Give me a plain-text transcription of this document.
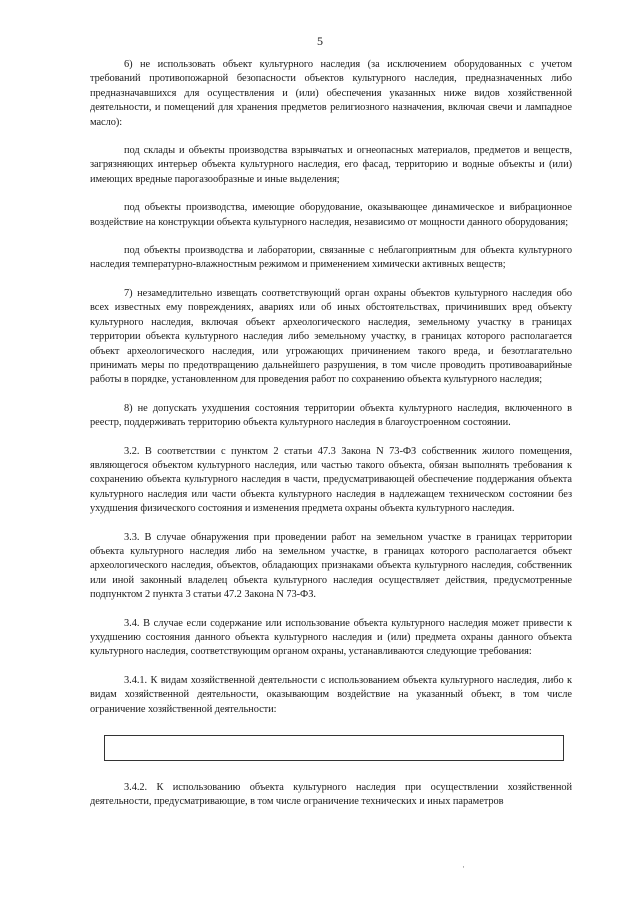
5

6) не использовать объект культурного наследия (за исключением оборудованных с учетом требований противопожарной безопасности объектов культурного наследия, предназначенных либо предназначавшихся для осуществления и (или) обеспечения указанных ниже видов хозяйственной деятельности, и помещений для хранения предметов религиозного назначения, включая свечи и лампадное масло):

под склады и объекты производства взрывчатых и огнеопасных материалов, предметов и веществ, загрязняющих интерьер объекта культурного наследия, его фасад, территорию и водные объекты и (или) имеющих вредные парогазообразные и иные выделения;

под объекты производства, имеющие оборудование, оказывающее динамическое и вибрационное воздействие на конструкции объекта культурного наследия, независимо от мощности данного оборудования;

под объекты производства и лаборатории, связанные с неблагоприятным для объекта культурного наследия температурно-влажностным режимом и применением химически активных веществ;

7) незамедлительно извещать соответствующий орган охраны объектов культурного наследия обо всех известных ему повреждениях, авариях или об иных обстоятельствах, причинивших вред объекту культурного наследия, включая объект археологического наследия, земельному участку в границах территории объекта культурного наследия либо земельному участку, в границах которого располагается объект археологического наследия, или угрожающих причинением такого вреда, и безотлагательно принимать меры по предотвращению дальнейшего разрушения, в том числе проводить противоаварийные работы в порядке, установленном для проведения работ по сохранению объекта культурного наследия;

8) не допускать ухудшения состояния территории объекта культурного наследия, включенного в реестр, поддерживать территорию объекта культурного наследия в благоустроенном состоянии.

3.2. В соответствии с пунктом 2 статьи 47.3 Закона N 73-ФЗ собственник жилого помещения, являющегося объектом культурного наследия, или частью такого объекта, обязан выполнять требования к сохранению объекта культурного наследия в части, предусматривающей обеспечение поддержания объекта культурного наследия или части объекта культурного наследия в надлежащем техническом состоянии без ухудшения физического состояния и изменения предмета охраны объекта культурного наследия.

3.3. В случае обнаружения при проведении работ на земельном участке в границах территории объекта культурного наследия либо на земельном участке, в границах которого располагается объект археологического наследия, объектов, обладающих признаками объекта культурного наследия, собственник или иной законный владелец объекта культурного наследия осуществляет действия, предусмотренные подпунктом 2 пункта 3 статьи 47.2 Закона N 73-ФЗ.

3.4. В случае если содержание или использование объекта культурного наследия может привести к ухудшению состояния данного объекта культурного наследия и (или) предмета охраны данного объекта культурного наследия, соответствующим органом охраны, устанавливаются следующие требования:

3.4.1. К видам хозяйственной деятельности с использованием объекта культурного наследия, либо к видам хозяйственной деятельности, оказывающим воздействие на указанный объект, в том числе ограничение хозяйственной деятельности:

3.4.2. К использованию объекта культурного наследия при осуществлении хозяйственной деятельности, предусматривающие, в том числе ограничение технических и иных параметров

·
